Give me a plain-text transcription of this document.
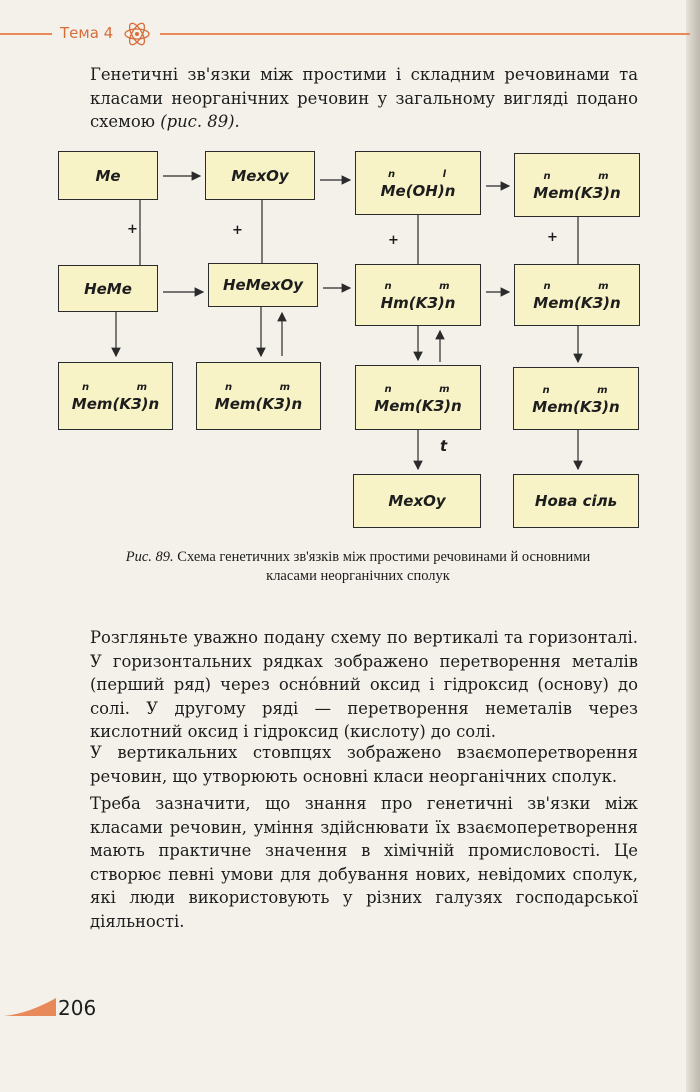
Тема 4
Генетичні зв'язки між простими і складним речовинами та класами неорганічних речовин у загальному вигляді подано схемою (рис. 89).
Me	MexOy	n l
Me(OH)n
n m
Mem(KЗ)n
HeMe	HeMexOy	n m
Hm(KЗ)n
n m
Mem(KЗ)n
n m
Mem(KЗ)n
n m
Mem(KЗ)n
n m
Mem(KЗ)n
n m
Mem(KЗ)n
MexOy	Нова сіль
+	+
+	+
t
Рис. 89. Схема генетичних зв'язків між простими речовинами й основними класами неорганічних сполук
Розгляньте уважно подану схему по вертикалі та горизонталі. У горизонтальних рядках зображено перетворення металів (перший ряд) через осно́вний оксид і гідроксид (основу) до солі. У другому ряді — перетворення неметалів через кислотний оксид і гідроксид (кислоту) до солі.
У вертикальних стовпцях зображено взаємоперетворення речовин, що утворюють основні класи неорганічних сполук.
Треба зазначити, що знання про генетичні зв'язки між класами речовин, уміння здійснювати їх взаємоперетворення мають практичне значення в хімічній промисловості. Це створює певні умови для добування нових, невідомих сполук, які люди використовують у різних галузях господарської діяльності.
206
